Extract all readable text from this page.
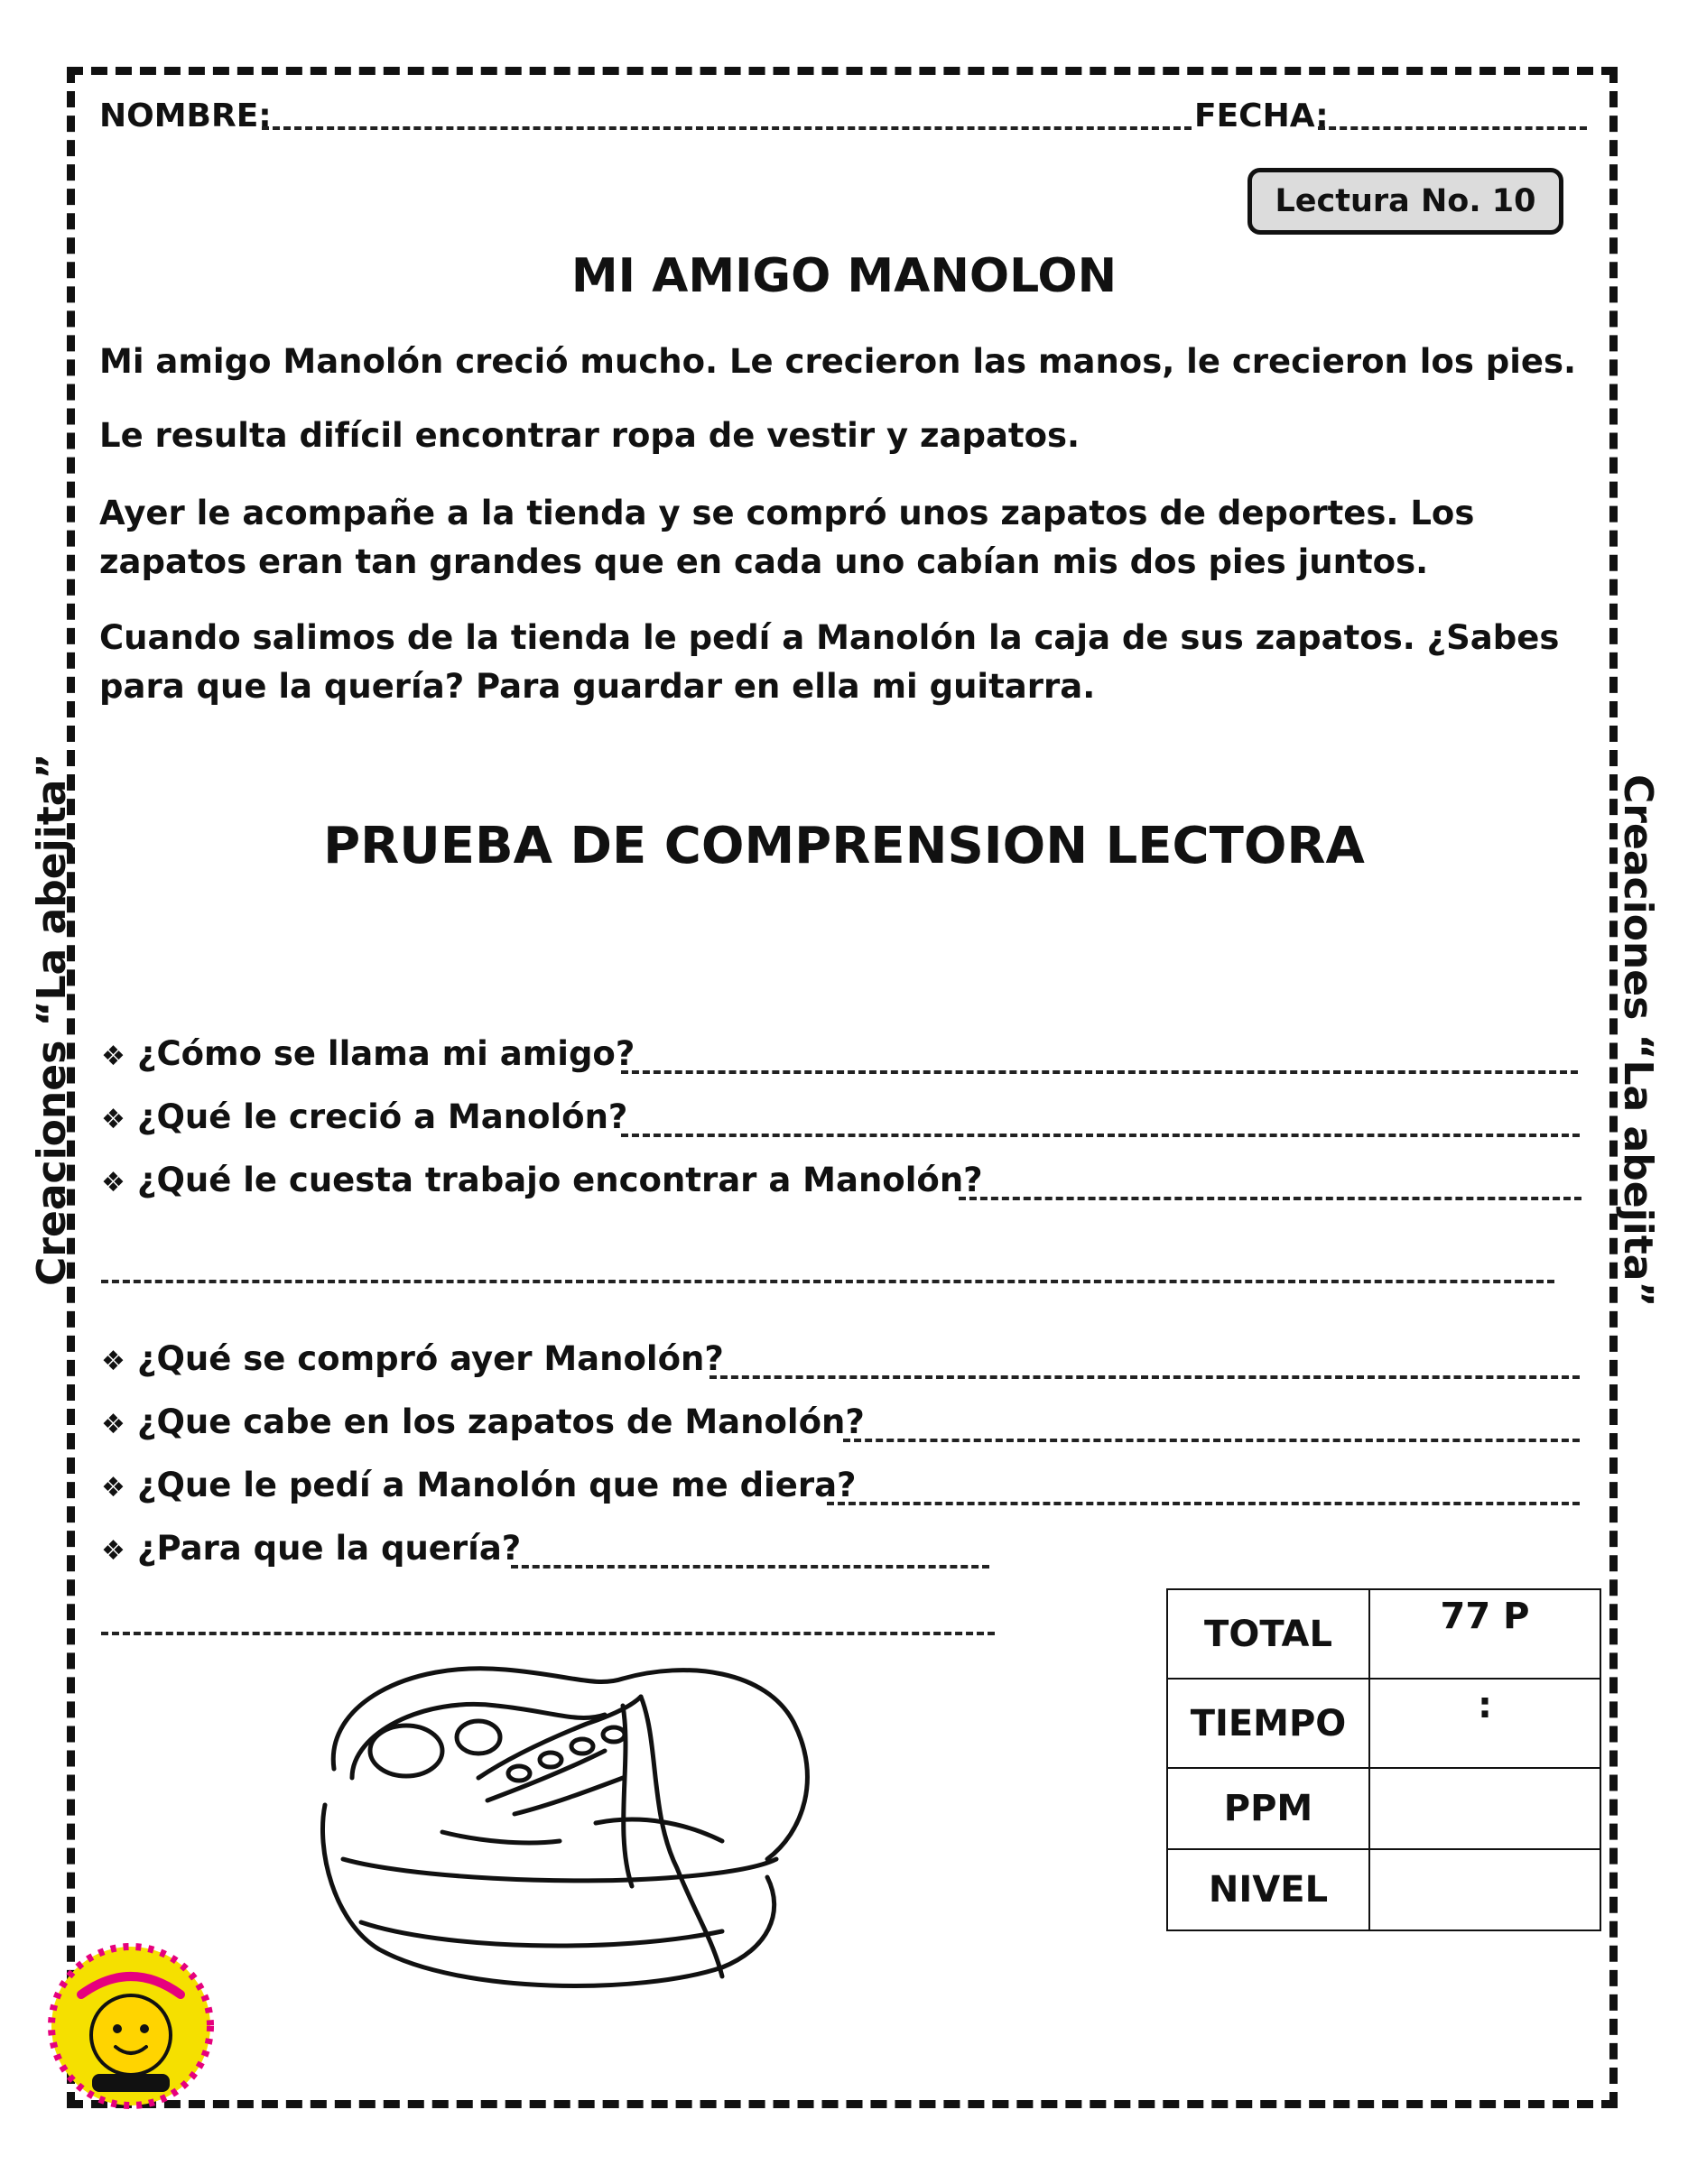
NOMBRE:	FECHA:
Lectura No. 10
MI AMIGO MANOLON

Mi amigo Manolón creció mucho. Le crecieron las manos, le crecieron los pies.

Le resulta difícil encontrar ropa de vestir y zapatos.

Ayer le acompañe a la tienda y se compró unos zapatos de deportes. Los zapatos eran tan grandes que en cada uno cabían mis dos pies juntos.

Cuando salimos de la tienda le pedí a Manolón la caja de sus zapatos. ¿Sabes para que la quería? Para guardar en ella mi guitarra.

PRUEBA DE COMPRENSION LECTORA
❖ ¿Cómo se llama mi amigo?
❖ ¿Qué le creció a Manolón?
❖ ¿Qué le cuesta trabajo encontrar a Manolón?
❖ ¿Qué se compró ayer Manolón?
❖ ¿Que cabe en los zapatos de Manolón?
❖ ¿Que le pedí a Manolón que me diera?
❖ ¿Para que la quería?
TOTAL	77 P
TIEMPO	:
PPM	
NIVEL	
Creaciones “La abejita”	Creaciones “La abejita”
